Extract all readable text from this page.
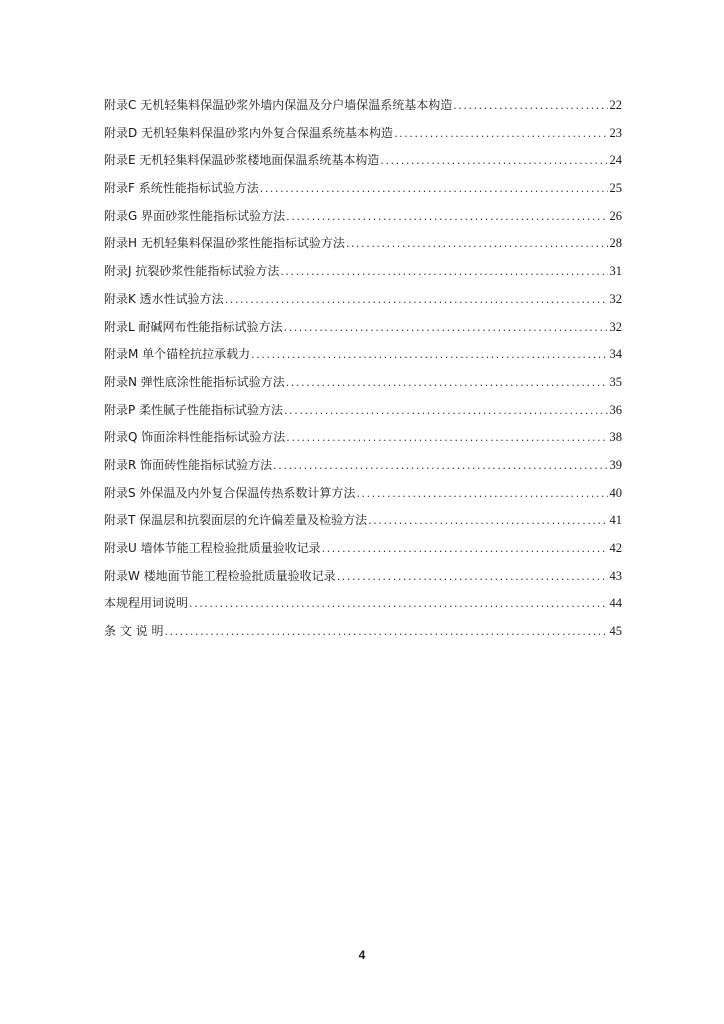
附录C 无机轻集料保温砂浆外墙内保温及分户墙保温系统基本构造 .....	22
附录D 无机轻集料保温砂浆内外复合保温系统基本构造 .....	23
附录E 无机轻集料保温砂浆楼地面保温系统基本构造 .....	24
附录F 系统性能指标试验方法 .....	25
附录G 界面砂浆性能指标试验方法 .....	26
附录H 无机轻集料保温砂浆性能指标试验方法 .....	28
附录J 抗裂砂浆性能指标试验方法 .....	31
附录K 透水性试验方法 .....	32
附录L 耐碱网布性能指标试验方法 .....	32
附录M 单个锚栓抗拉承载力 .....	34
附录N 弹性底涂性能指标试验方法 .....	35
附录P 柔性腻子性能指标试验方法 .....	36
附录Q 饰面涂料性能指标试验方法 .....	38
附录R 饰面砖性能指标试验方法 .....	39
附录S 外保温及内外复合保温传热系数计算方法 .....	40
附录T 保温层和抗裂面层的允许偏差量及检验方法 .....	41
附录U 墙体节能工程检验批质量验收记录 .....	42
附录W 楼地面节能工程检验批质量验收记录 .....	43
本规程用词说明 .....	44
条 文 说 明 .....	45
4
